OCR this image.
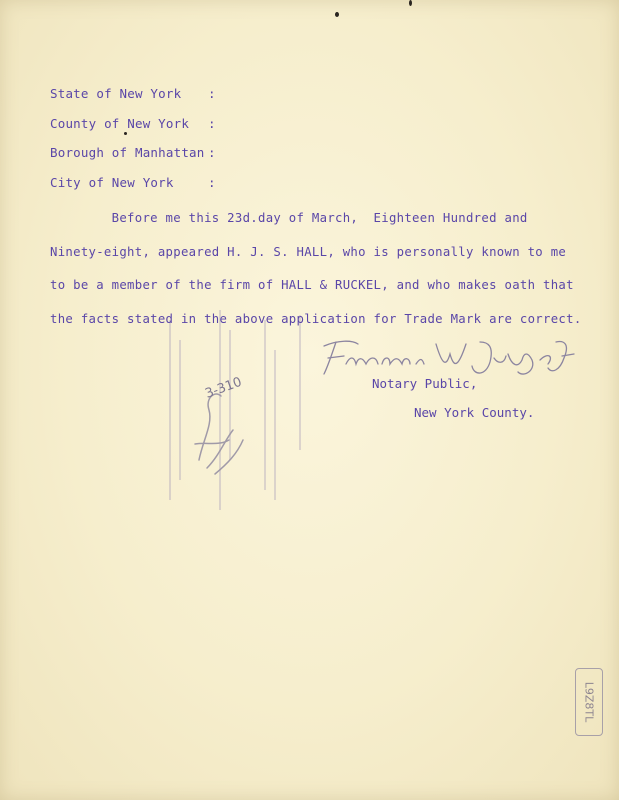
State of New York :
County of New York :
Borough of Manhattan :
City of New York	:
Before me this 23d.day of March,  Eighteen Hundred and
Ninety-eight, appeared H. J. S. HALL, who is personally known to me
to be a member of the firm of HALL & RUCKEL, and who makes oath that
the facts stated in the above application for Trade Mark are correct.
3-310	Notary Public,
New York County.
L9Z8TL
